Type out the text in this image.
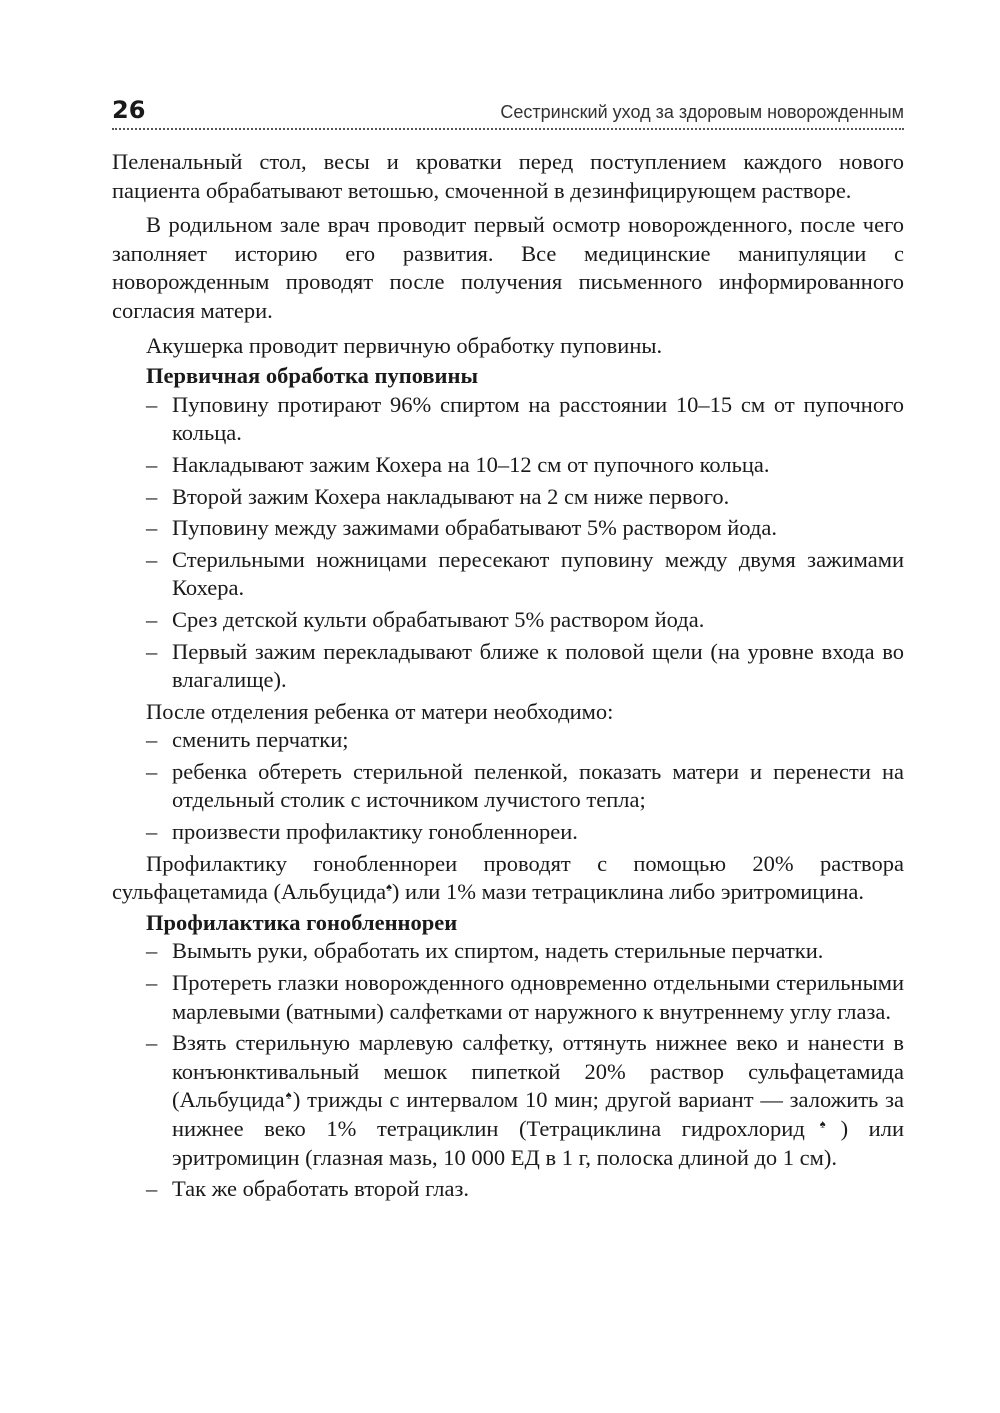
26	Сестринский уход за здоровым новорожденным

Пеленальный стол, весы и кроватки перед поступлением каждого нового пациента обрабатывают ветошью, смоченной в дезинфицирующем растворе.

В родильном зале врач проводит первый осмотр новорожденного, после чего заполняет историю его развития. Все медицинские манипуляции с новорожденным проводят после получения письменного информированного согласия матери.

Акушерка проводит первичную обработку пуповины.

Первичная обработка пуповины

– Пуповину протирают 96% спиртом на расстоянии 10–15 см от пупочного кольца.
– Накладывают зажим Кохера на 10–12 см от пупочного кольца.
– Второй зажим Кохера накладывают на 2 см ниже первого.
– Пуповину между зажимами обрабатывают 5% раствором йода.
– Стерильными ножницами пересекают пуповину между двумя зажимами Кохера.
– Срез детской культи обрабатывают 5% раствором йода.
– Первый зажим перекладывают ближе к половой щели (на уровне входа во влагалище).

После отделения ребенка от матери необходимо:

– сменить перчатки;
– ребенка обтереть стерильной пеленкой, показать матери и перенести на отдельный столик с источником лучистого тепла;
– произвести профилактику гонобленнореи.

Профилактику гонобленнореи проводят с помощью 20% раствора сульфацетамида (Альбуцида♠) или 1% мази тетрациклина либо эритромицина.

Профилактика гонобленнореи

– Вымыть руки, обработать их спиртом, надеть стерильные перчатки.
– Протереть глазки новорожденного одновременно отдельными стерильными марлевыми (ватными) салфетками от наружного к внутреннему углу глаза.
– Взять стерильную марлевую салфетку, оттянуть нижнее веко и нанести в конъюнктивальный мешок пипеткой 20% раствор сульфацетамида (Альбуцида♠) трижды с интервалом 10 мин; другой вариант — заложить за нижнее веко 1% тетрациклин (Тетрациклина гидрохлорид♠) или эритромицин (глазная мазь, 10 000 ЕД в 1 г, полоска длиной до 1 см).
– Так же обработать второй глаз.
